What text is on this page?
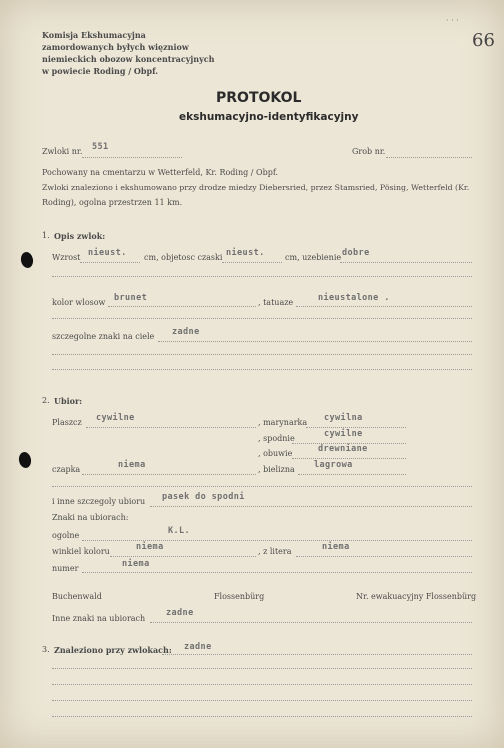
Komisja Ekshumacyjna
zamordowanych byłych więzniow
niemieckich obozow koncentracyjnych
w powiecie Roding / Obpf.
· · ·
66
PROTOKOL
ekshumacyjno-identyfikacyjny
Zwloki nr. 551	Grob nr.
Pochowany na cmentarzu w Wetterfeld, Kr. Roding / Obpf.
Zwloki znaleziono i ekshumowano przy drodze miedzy Diebersried, przez Stamsried, Pösing, Wetterfeld (Kr.
Roding), ogolna przestrzen 11 km.
1. Opis zwlok:
Wzrost nieust. cm, objetosc czaski nieust.	cm, uzebienie dobre
kolor wlosow brunet	, tatuaze	nieustalone .
szczegolne znaki na ciele zadne
2. Ubior:
Plaszcz cywilne	, marynarka cywilna
, spodnie	cywilne
, obuwie	drewniane
czapka	niema	, bielizna lagrowa
i inne szczegoly ubioru pasek do spodni
Znaki na ubiorach:
ogolne	K.L.
winkiel koloru	niema	, z litera	niema
numer	niema
Buchenwald	Flossenbürg	Nr. ewakuacyjny Flossenbürg
Inne znaki na ubiorach
zadne
3. Znaleziono przy zwlokach: zadne
